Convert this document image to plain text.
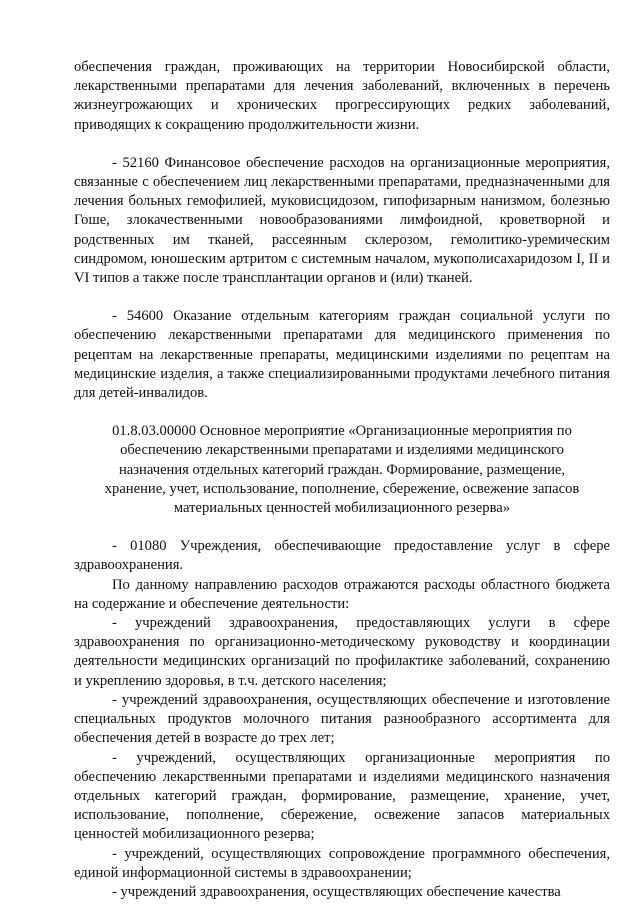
обеспечения граждан, проживающих на территории Новосибирской области, лекарственными препаратами для лечения заболеваний, включенных в перечень жизнеугрожающих и хронических прогрессирующих редких заболеваний, приводящих к сокращению продолжительности жизни.

- 52160 Финансовое обеспечение расходов на организационные мероприятия, связанные с обеспечением лиц лекарственными препаратами, предназначенными для лечения больных гемофилией, муковисцидозом, гипофизарным нанизмом, болезнью Гоше, злокачественными новообразованиями лимфоидной, кроветворной и родственных им тканей, рассеянным склерозом, гемолитико-уремическим синдромом, юношеским артритом с системным началом, мукополисахаридозом I, II и VI типов а также после трансплантации органов и (или) тканей.

- 54600 Оказание отдельным категориям граждан социальной услуги по обеспечению лекарственными препаратами для медицинского применения по рецептам на лекарственные препараты, медицинскими изделиями по рецептам на медицинские изделия, а также специализированными продуктами лечебного питания для детей-инвалидов.

01.8.03.00000 Основное мероприятие «Организационные мероприятия по обеспечению лекарственными препаратами и изделиями медицинского назначения отдельных категорий граждан. Формирование, размещение, хранение, учет, использование, пополнение, сбережение, освежение запасов материальных ценностей мобилизационного резерва»

- 01080 Учреждения, обеспечивающие предоставление услуг в сфере здравоохранения.

По данному направлению расходов отражаются расходы областного бюджета на содержание и обеспечение деятельности:

- учреждений здравоохранения, предоставляющих услуги в сфере здравоохранения по организационно-методическому руководству и координации деятельности медицинских организаций по профилактике заболеваний, сохранению и укреплению здоровья, в т.ч. детского населения;

- учреждений здравоохранения, осуществляющих обеспечение и изготовление специальных продуктов молочного питания разнообразного ассортимента для обеспечения детей в возрасте до трех лет;

- учреждений, осуществляющих организационные мероприятия по обеспечению лекарственными препаратами и изделиями медицинского назначения отдельных категорий граждан, формирование, размещение, хранение, учет, использование, пополнение, сбережение, освежение запасов материальных ценностей мобилизационного резерва;

- учреждений, осуществляющих сопровождение программного обеспечения, единой информационной системы в здравоохранении;

- учреждений здравоохранения, осуществляющих обеспечение качества
